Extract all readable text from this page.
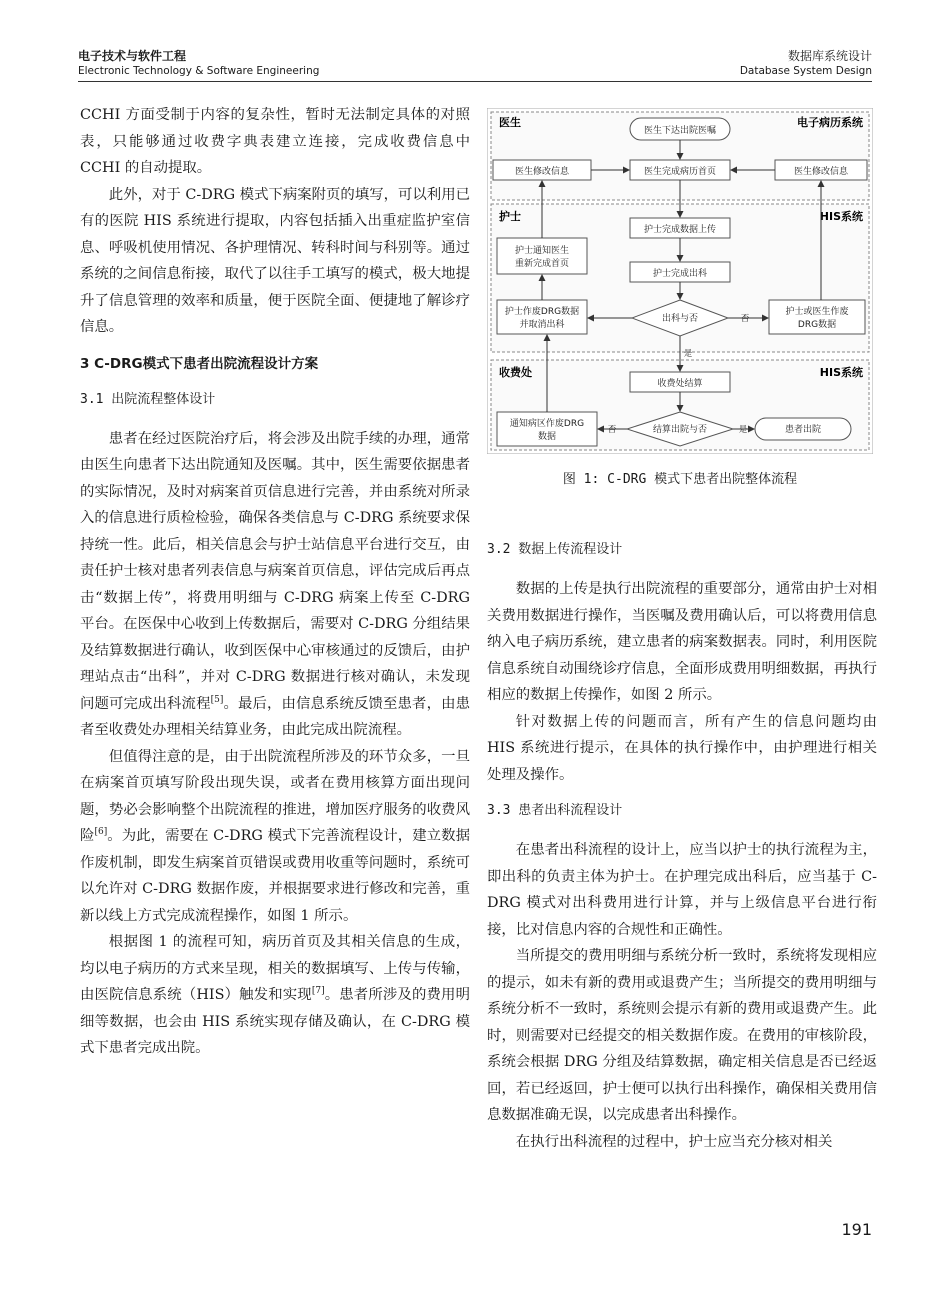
电子技术与软件工程
Electronic Technology & Software Engineering
数据库系统设计
Database System Design

CCHI 方面受制于内容的复杂性，暂时无法制定具体的对照表，只能够通过收费字典表建立连接，完成收费信息中 CCHI 的自动提取。

此外，对于 C-DRG 模式下病案附页的填写，可以利用已有的医院 HIS 系统进行提取，内容包括插入出重症监护室信息、呼吸机使用情况、各护理情况、转科时间与科别等。通过系统的之间信息衔接，取代了以往手工填写的模式，极大地提升了信息管理的效率和质量，便于医院全面、便捷地了解诊疗信息。

3 C-DRG模式下患者出院流程设计方案
3.1 出院流程整体设计

患者在经过医院治疗后，将会涉及出院手续的办理，通常由医生向患者下达出院通知及医嘱。其中，医生需要依据患者的实际情况，及时对病案首页信息进行完善，并由系统对所录入的信息进行质检检验，确保各类信息与 C-DRG 系统要求保持统一性。此后，相关信息会与护士站信息平台进行交互，由责任护士核对患者列表信息与病案首页信息，评估完成后再点击“数据上传”，将费用明细与 C-DRG 病案上传至 C-DRG 平台。在医保中心收到上传数据后，需要对 C-DRG 分组结果及结算数据进行确认，收到医保中心审核通过的反馈后，由护理站点击“出科”，并对 C-DRG 数据进行核对确认，未发现问题可完成出科流程[5]。最后，由信息系统反馈至患者，由患者至收费处办理相关结算业务，由此完成出院流程。

但值得注意的是，由于出院流程所涉及的环节众多，一旦在病案首页填写阶段出现失误，或者在费用核算方面出现问题，势必会影响整个出院流程的推进，增加医疗服务的收费风险[6]。为此，需要在 C-DRG 模式下完善流程设计，建立数据作废机制，即发生病案首页错误或费用收重等问题时，系统可以允许对 C-DRG 数据作废，并根据要求进行修改和完善，重新以线上方式完成流程操作，如图 1 所示。

根据图 1 的流程可知，病历首页及其相关信息的生成，均以电子病历的方式来呈现，相关的数据填写、上传与传输，由医院信息系统（HIS）触发和实现[7]。患者所涉及的费用明细等数据，也会由 HIS 系统实现存储及确认，在 C-DRG 模式下患者完成出院。

医生	电子病历系统
护士	HIS系统
收费处	HIS系统
医生下达出院医嘱
医生修改信息	医生完成病历首页	医生修改信息
护士完成数据上传
护士通知医生
重新完成首页
护士完成出科
护士作废DRG数据
并取消出科
出科与否
护士或医生作废
DRG数据
收费处结算
通知病区作废DRG
数据
结算出院与否	患者出院
否
是
否	是
图 1: C-DRG 模式下患者出院整体流程
3.2 数据上传流程设计

数据的上传是执行出院流程的重要部分，通常由护士对相关费用数据进行操作，当医嘱及费用确认后，可以将费用信息纳入电子病历系统，建立患者的病案数据表。同时，利用医院信息系统自动围绕诊疗信息，全面形成费用明细数据，再执行相应的数据上传操作，如图 2 所示。

针对数据上传的问题而言，所有产生的信息问题均由 HIS 系统进行提示，在具体的执行操作中，由护理进行相关处理及操作。

3.3 患者出科流程设计

在患者出科流程的设计上，应当以护士的执行流程为主，即出科的负责主体为护士。在护理完成出科后，应当基于 C-DRG 模式对出科费用进行计算，并与上级信息平台进行衔接，比对信息内容的合规性和正确性。

当所提交的费用明细与系统分析一致时，系统将发现相应的提示，如未有新的费用或退费产生；当所提交的费用明细与系统分析不一致时，系统则会提示有新的费用或退费产生。此时，则需要对已经提交的相关数据作废。在费用的审核阶段，系统会根据 DRG 分组及结算数据，确定相关信息是否已经返回，若已经返回，护士便可以执行出科操作，确保相关费用信息数据准确无误，以完成患者出科操作。

在执行出科流程的过程中，护士应当充分核对相关

191
